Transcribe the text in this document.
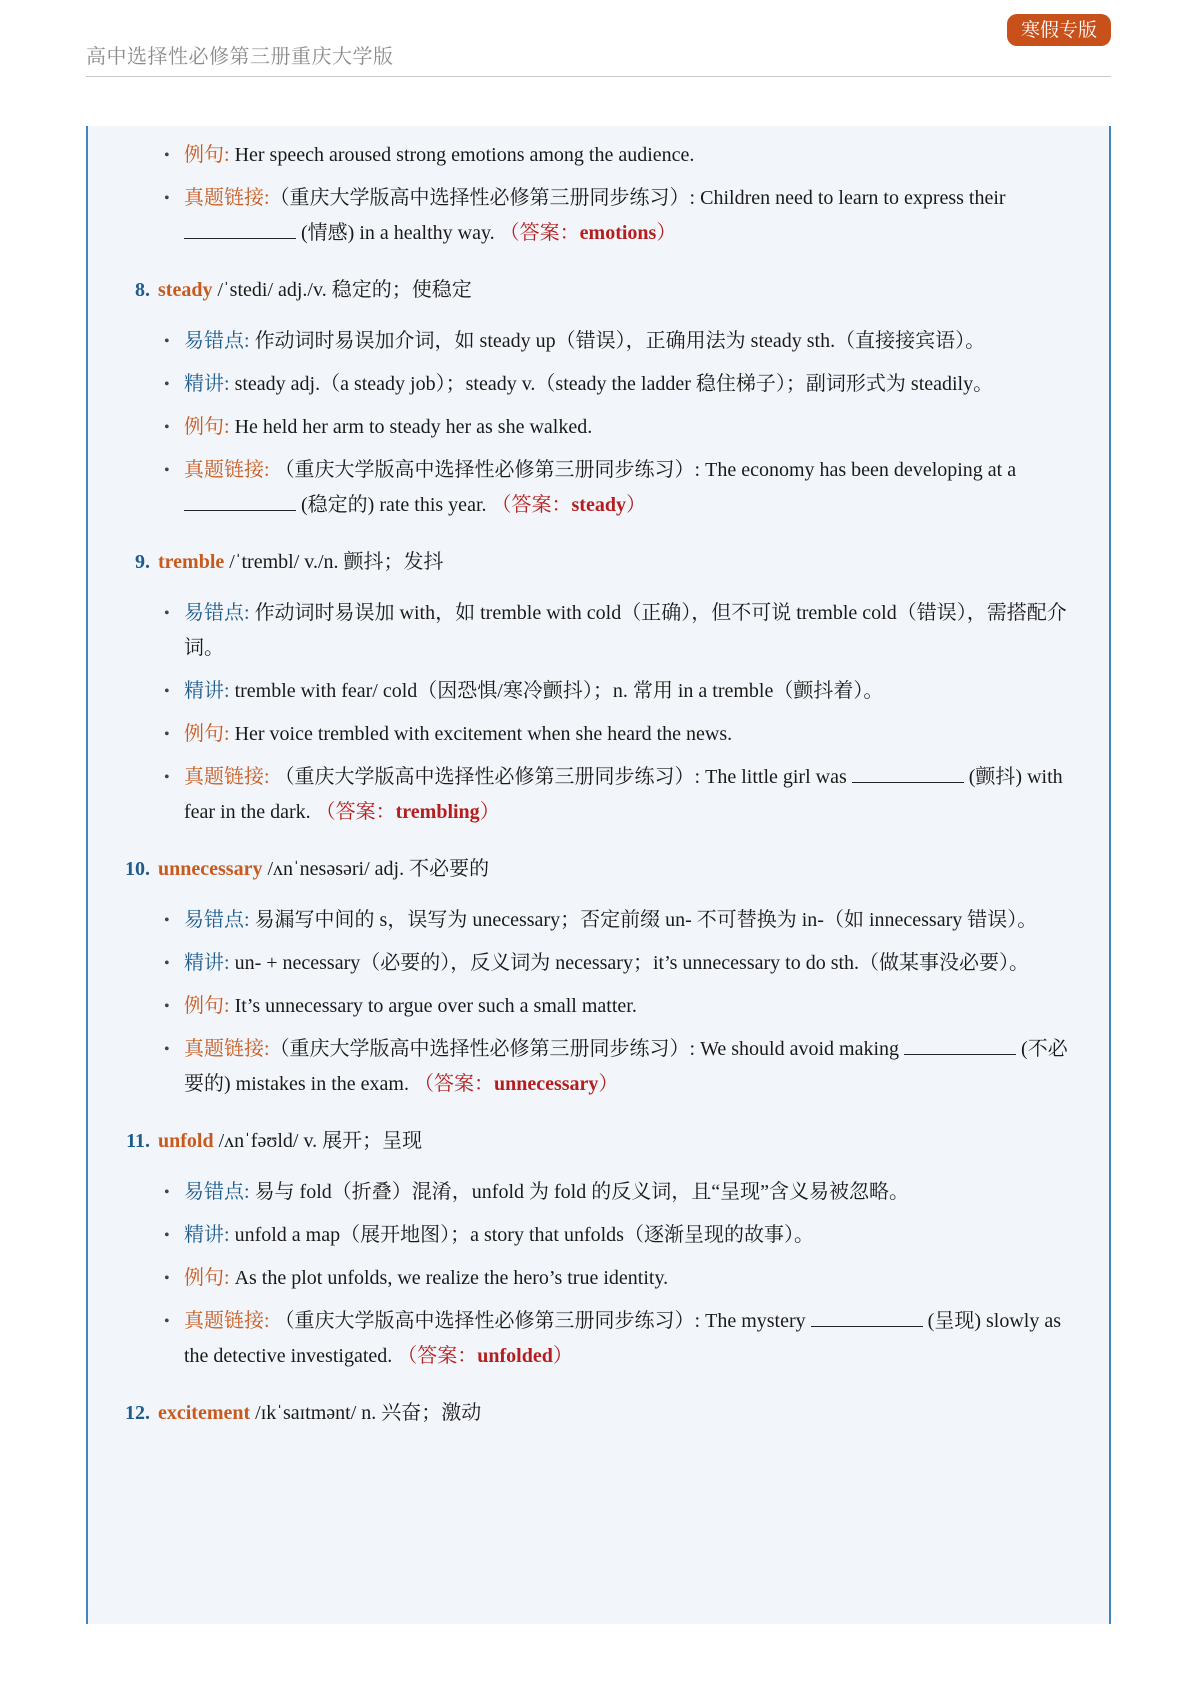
高中选择性必修第三册重庆大学版
寒假专版
• 例句: Her speech aroused strong emotions among the audience.
• 真题链接:（重庆大学版高中选择性必修第三册同步练习）: Children need to learn to express their  (情感) in a healthy way. （答案：emotions）
8. steady /ˈstedi/ adj./v. 稳定的；使稳定
• 易错点: 作动词时易误加介词，如 steady up（错误），正确用法为 steady sth.（直接接宾语）。
• 精讲: steady adj.（a steady job）；steady v.（steady the ladder 稳住梯子）；副词形式为 steadily。
• 例句: He held her arm to steady her as she walked.
• 真题链接: （重庆大学版高中选择性必修第三册同步练习）: The economy has been developing at a  (稳定的) rate this year. （答案：steady）
9. tremble /ˈtrembl/ v./n. 颤抖；发抖
• 易错点: 作动词时易误加 with，如 tremble with cold（正确），但不可说 tremble cold（错误），需搭配介词。
• 精讲: tremble with fear/ cold（因恐惧/寒冷颤抖）；n. 常用 in a tremble（颤抖着）。
• 例句: Her voice trembled with excitement when she heard the news.
• 真题链接: （重庆大学版高中选择性必修第三册同步练习）: The little girl was	(颤抖) with fear in the dark. （答案：trembling）
10. unnecessary /ʌnˈnesəsəri/ adj. 不必要的
• 易错点: 易漏写中间的 s，误写为 unecessary；否定前缀 un- 不可替换为 in-（如 innecessary 错误）。
• 精讲: un- + necessary（必要的），反义词为 necessary；it’s unnecessary to do sth.（做某事没必要）。
• 例句: It’s unnecessary to argue over such a small matter.
• 真题链接:（重庆大学版高中选择性必修第三册同步练习）: We should avoid making	(不必要的) mistakes in the exam. （答案：unnecessary）
11. unfold /ʌnˈfəʊld/ v. 展开；呈现
• 易错点: 易与 fold（折叠）混淆，unfold 为 fold 的反义词，且“呈现”含义易被忽略。
• 精讲: unfold a map（展开地图）；a story that unfolds（逐渐呈现的故事）。
• 例句: As the plot unfolds, we realize the hero’s true identity.
• 真题链接: （重庆大学版高中选择性必修第三册同步练习）: The mystery	(呈现) slowly as the detective investigated. （答案：unfolded）
12. excitement /ɪkˈsaɪtmənt/ n. 兴奋；激动
